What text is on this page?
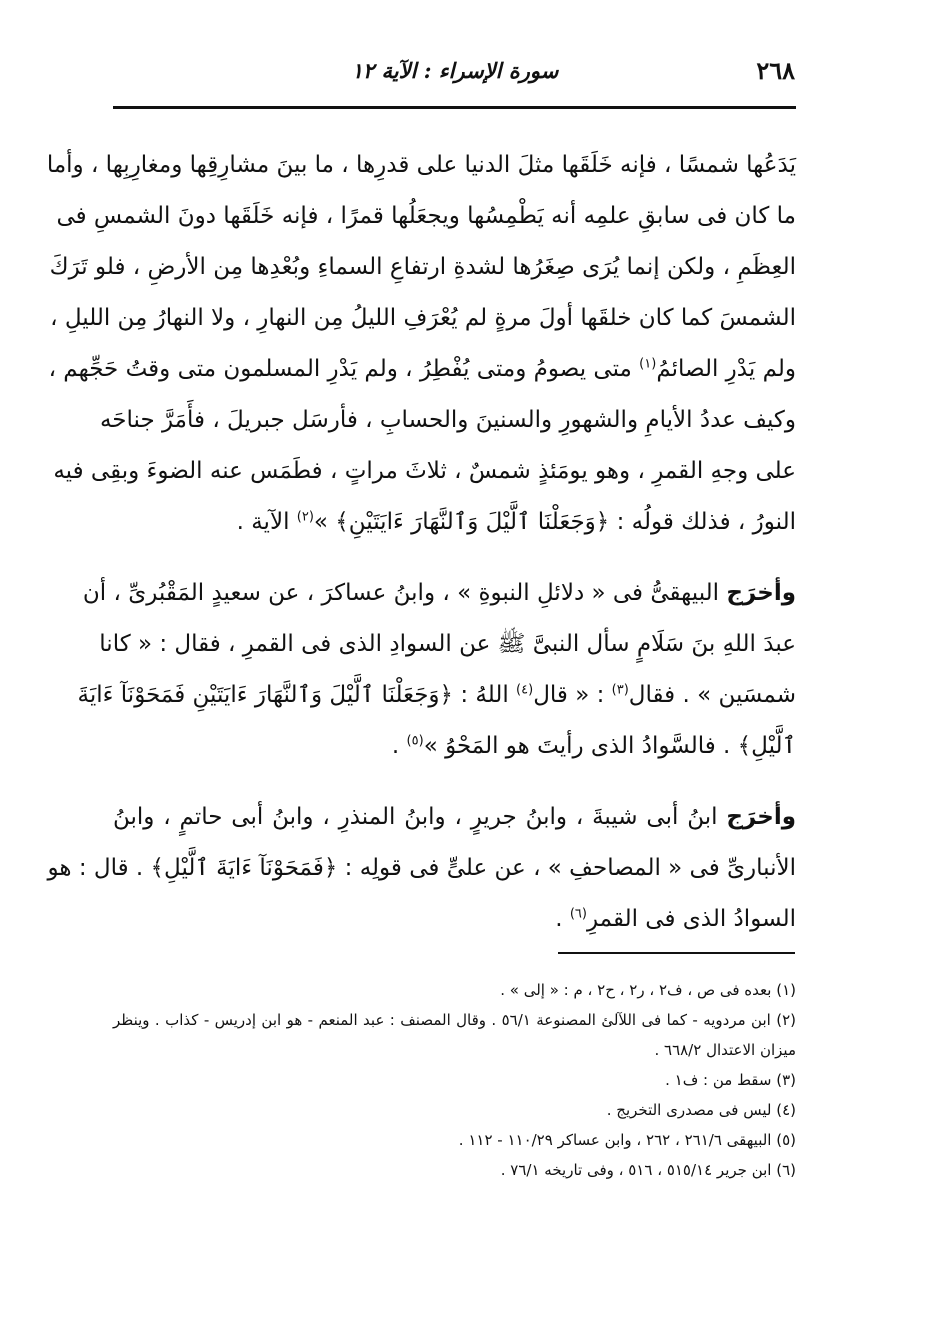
٢٦٨
سورة الإسراء : الآية ١٢

يَدَعُها شمسًا ، فإنه خَلَقَها مثلَ الدنيا على قدرِها ، ما بينَ مشارِقِها ومغارِبِها ، وأما
ما كان فى سابقِ علمِه أنه يَطْمِسُها ويجعَلُها قمرًا ، فإنه خَلَقَها دونَ الشمسِ فى
العِظَمِ ، ولكن إنما يُرَى صِغَرُها لشدةِ ارتفاعِ السماءِ وبُعْدِها مِن الأرضِ ، فلو تَرَكَ
الشمسَ كما كان خلقَها أولَ مرةٍ لم يُعْرَفِ الليلُ مِن النهارِ ، ولا النهارُ مِن الليلِ ،
ولم يَدْرِ الصائمُ$^{(١)}$ متى يصومُ ومتى يُفْطِرُ ، ولم يَدْرِ المسلمون متى وقتُ حَجِّهم ،
وكيف عددُ الأيامِ والشهورِ والسنينَ والحسابِ ، فأرسَل جبريلَ ، فأَمَرَّ جناحَه
على وجهِ القمرِ ، وهو يومَئذٍ شمسٌ ، ثلاثَ مراتٍ ، فطَمَس عنه الضوءَ وبقِى فيه
النورُ ، فذلك قولُه : ﴿وَجَعَلْنَا ٱلَّيْلَ وَٱلنَّهَارَ ءَايَتَيْنِ﴾ »$^{(٢)}$ الآية .

وأخرَج البيهقىُّ فى « دلائلِ النبوةِ » ، وابنُ عساكرَ ، عن سعيدٍ المَقْبُرىِّ ، أن
عبدَ اللهِ بنَ سَلَامٍ سأل النبىَّ ﷺ عن السوادِ الذى فى القمرِ ، فقال : « كانا
شمسَين » . فقال$^{(٣)}$ : « قال$^{(٤)}$ اللهُ : ﴿وَجَعَلْنَا ٱلَّيْلَ وَٱلنَّهَارَ ءَايَتَيْنِ فَمَحَوْنَآ ءَايَةَ
ٱلَّيْلِ﴾ . فالسَّوادُ الذى رأيتَ هو المَحْوُ »$^{(٥)}$ .

وأخرَج ابنُ أبى شيبةَ ، وابنُ جريرٍ ، وابنُ المنذرِ ، وابنُ أبى حاتمٍ ، وابنُ
الأنبارىِّ فى « المصاحفِ » ، عن علىٍّ فى قولِه : ﴿فَمَحَوْنَآ ءَايَةَ ٱلَّيْلِ﴾ . قال : هو
السوادُ الذى فى القمرِ$^{(٦)}$ .

(١) بعده فى ص ، ف٢ ، ر٢ ، ح٢ ، م : « إلى » .

(٢) ابن مردويه - كما فى اللآلئ المصنوعة ٥٦/١ . وقال المصنف : عبد المنعم - هو ابن إدريس - كذاب . وينظر ميزان الاعتدال ٦٦٨/٢ .

(٣) سقط من : ف١ .

(٤) ليس فى مصدرى التخريج .

(٥) البيهقى ٢٦١/٦ ، ٢٦٢ ، وابن عساكر ١١٠/٢٩ - ١١٢ .

(٦) ابن جرير ٥١٥/١٤ ، ٥١٦ ، وفى تاريخه ٧٦/١ .
